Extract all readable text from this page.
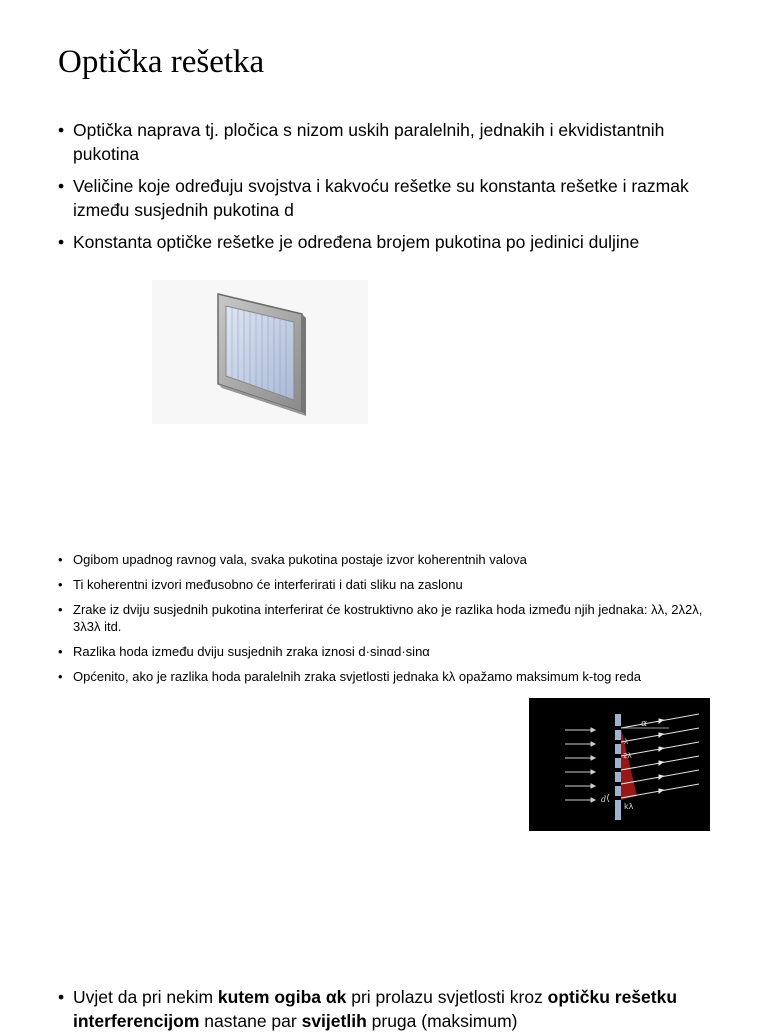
Optička rešetka
• Optička naprava tj. pločica s nizom uskih paralelnih, jednakih i ekvidistantnih pukotina
• Veličine koje određuju svojstva i kakvoću rešetke su konstanta rešetke i razmak između susjednih pukotina d
• Konstanta optičke rešetke je određena brojem pukotina po jedinici duljine
• Ogibom upadnog ravnog vala, svaka pukotina postaje izvor koherentnih valova
• Ti koherentni izvori međusobno će interferirati i dati sliku na zaslonu
• Zrake iz dviju susjednih pukotina interferirat će kostruktivno ako je razlika hoda između njih jednaka: λλ, 2λ2λ, 3λ3λ itd.
• Razlika hoda između dviju susjednih zraka iznosi d·sinαd·sinα
• Općenito, ako je razlika hoda paralelnih zraka svjetlosti jednaka kλ opažamo maksimum k-tog reda
α
λ
2λ
kλ
d
• Uvjet da pri nekim kutem ogiba αk pri prolazu svjetlosti kroz optičku rešetku interferencijom nastane par svijetlih pruga (maksimum)
